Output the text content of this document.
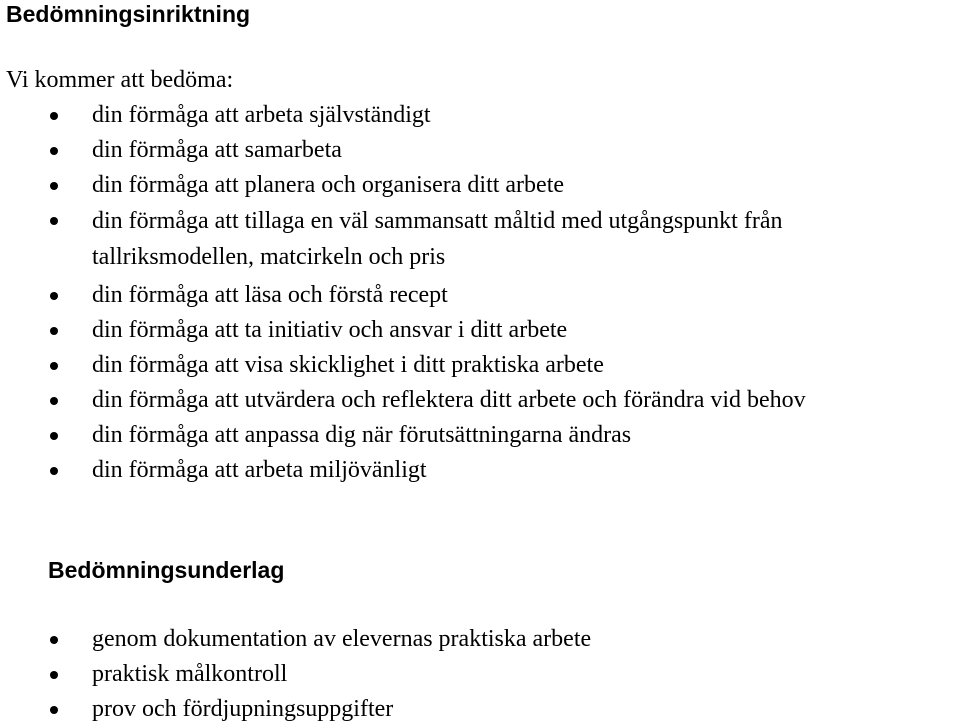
Bedömningsinriktning
Vi kommer att bedöma:
din förmåga att arbeta självständigt
din förmåga att samarbeta
din förmåga att planera och organisera ditt arbete
din förmåga att tillaga en väl sammansatt måltid med utgångspunkt från tallriksmodellen, matcirkeln och pris
din förmåga att läsa och förstå recept
din förmåga att ta initiativ och ansvar i ditt arbete
din förmåga att visa skicklighet i ditt praktiska arbete
din förmåga att utvärdera och reflektera ditt arbete och förändra vid behov
din förmåga att anpassa dig när förutsättningarna ändras
din förmåga att arbeta miljövänligt
Bedömningsunderlag
genom dokumentation av elevernas praktiska arbete
praktisk målkontroll
prov och fördjupningsuppgifter
